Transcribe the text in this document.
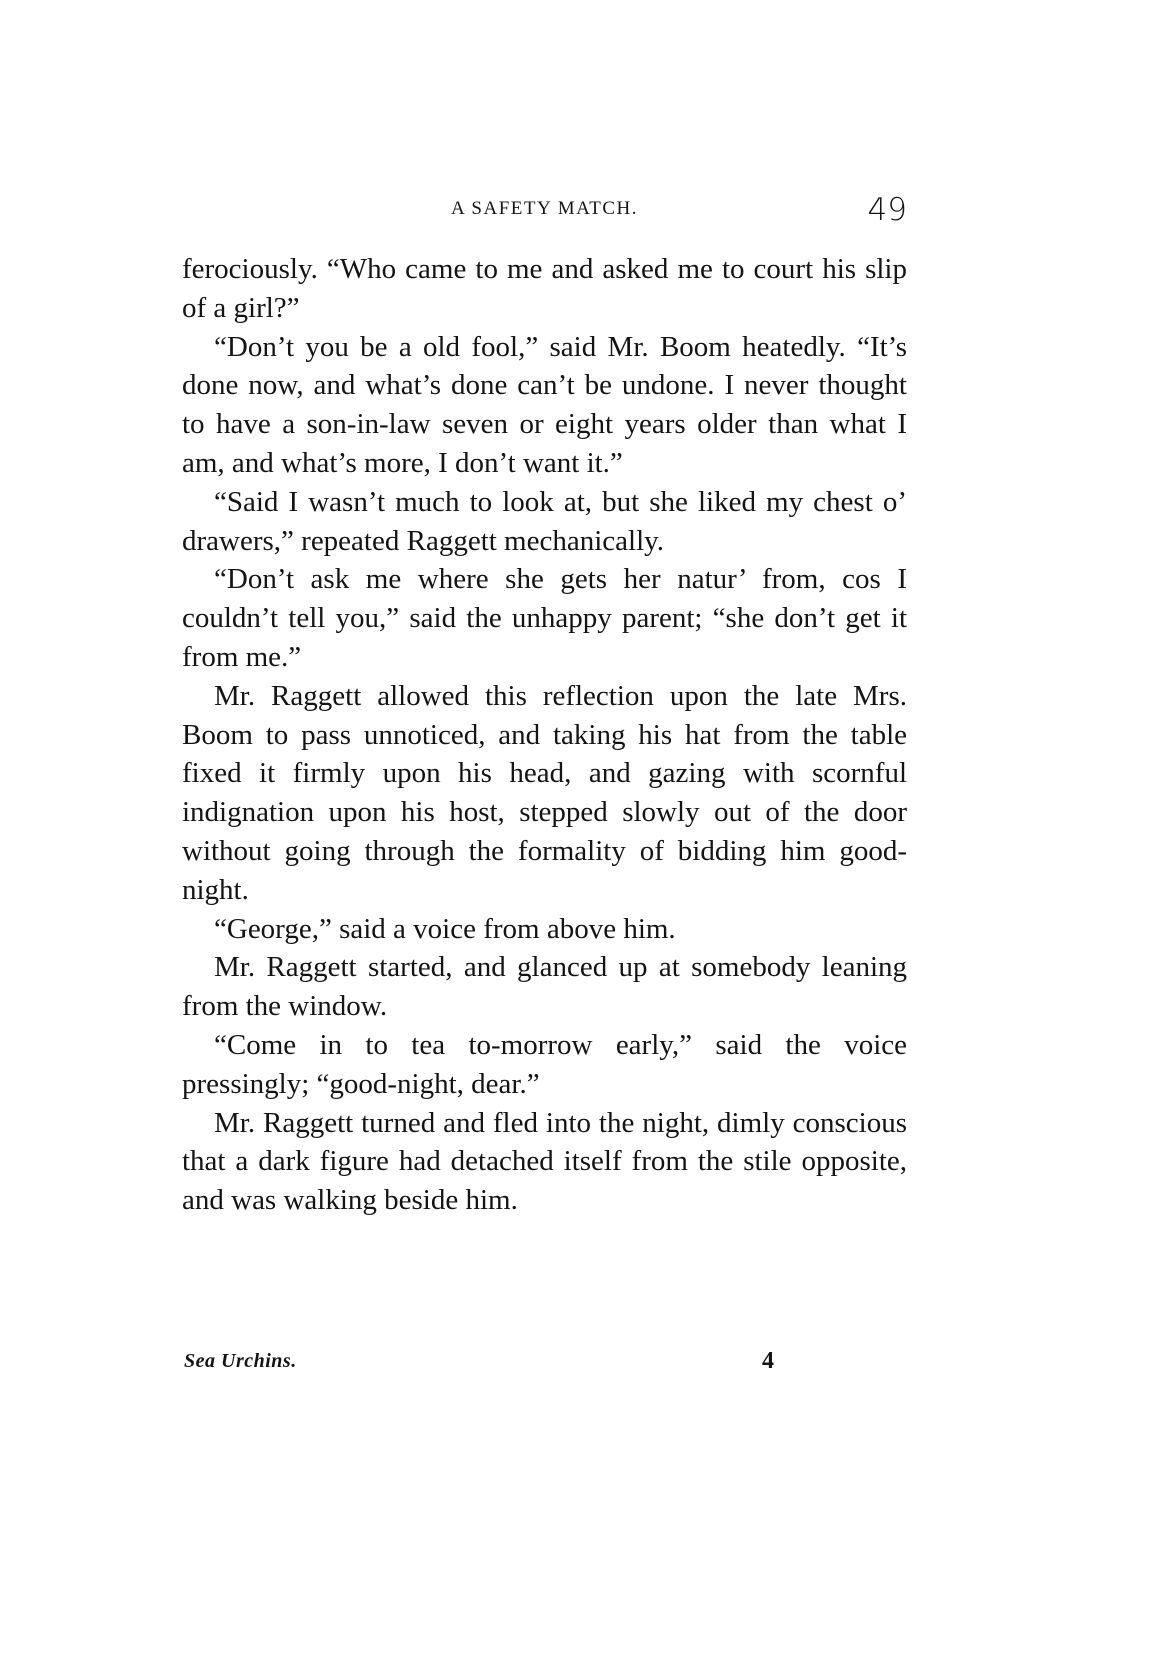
A SAFETY MATCH.	49

ferociously. “Who came to me and asked me to court his slip of a girl?”

“Don’t you be a old fool,” said Mr. Boom heatedly. “It’s done now, and what’s done can’t be undone. I never thought to have a son-in-law seven or eight years older than what I am, and what’s more, I don’t want it.”

“Said I wasn’t much to look at, but she liked my chest o’ drawers,” repeated Raggett mechanically.

“Don’t ask me where she gets her natur’ from, cos I couldn’t tell you,” said the unhappy parent; “she don’t get it from me.”

Mr. Raggett allowed this reflection upon the late Mrs. Boom to pass unnoticed, and taking his hat from the table fixed it firmly upon his head, and gazing with scornful indignation upon his host, stepped slowly out of the door without going through the formality of bidding him good-night.

“George,” said a voice from above him.

Mr. Raggett started, and glanced up at somebody leaning from the window.

“Come in to tea to-morrow early,” said the voice pressingly; “good-night, dear.”

Mr. Raggett turned and fled into the night, dimly conscious that a dark figure had detached itself from the stile opposite, and was walking beside him.

Sea Urchins.	4
